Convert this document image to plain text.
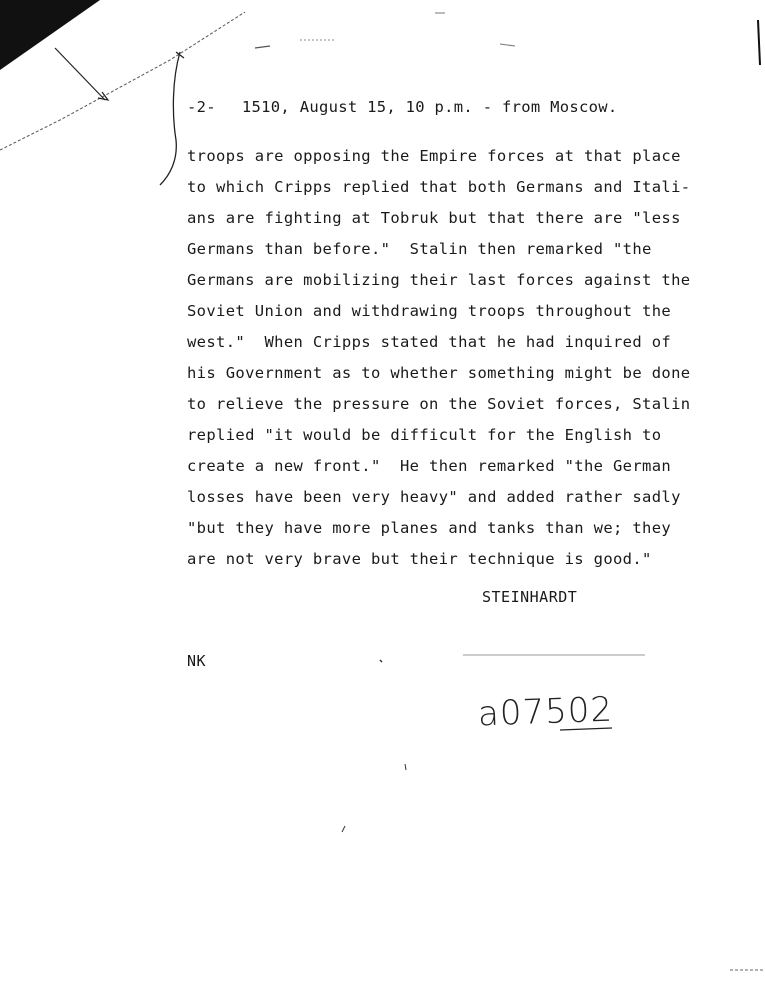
-2- 1510, August 15, 10 p.m. - from Moscow.
troops are opposing the Empire forces at that place
to which Cripps replied that both Germans and Itali-
ans are fighting at Tobruk but that there are "less
Germans than before."  Stalin then remarked "the
Germans are mobilizing their last forces against the
Soviet Union and withdrawing troops throughout the
west."  When Cripps stated that he had inquired of
his Government as to whether something might be done
to relieve the pressure on the Soviet forces, Stalin
replied "it would be difficult for the English to
create a new front."  He then remarked "the German
losses have been very heavy" and added rather sadly
"but they have more planes and tanks than we; they
are not very brave but their technique is good."
STEINHARDT
NK
a07502
